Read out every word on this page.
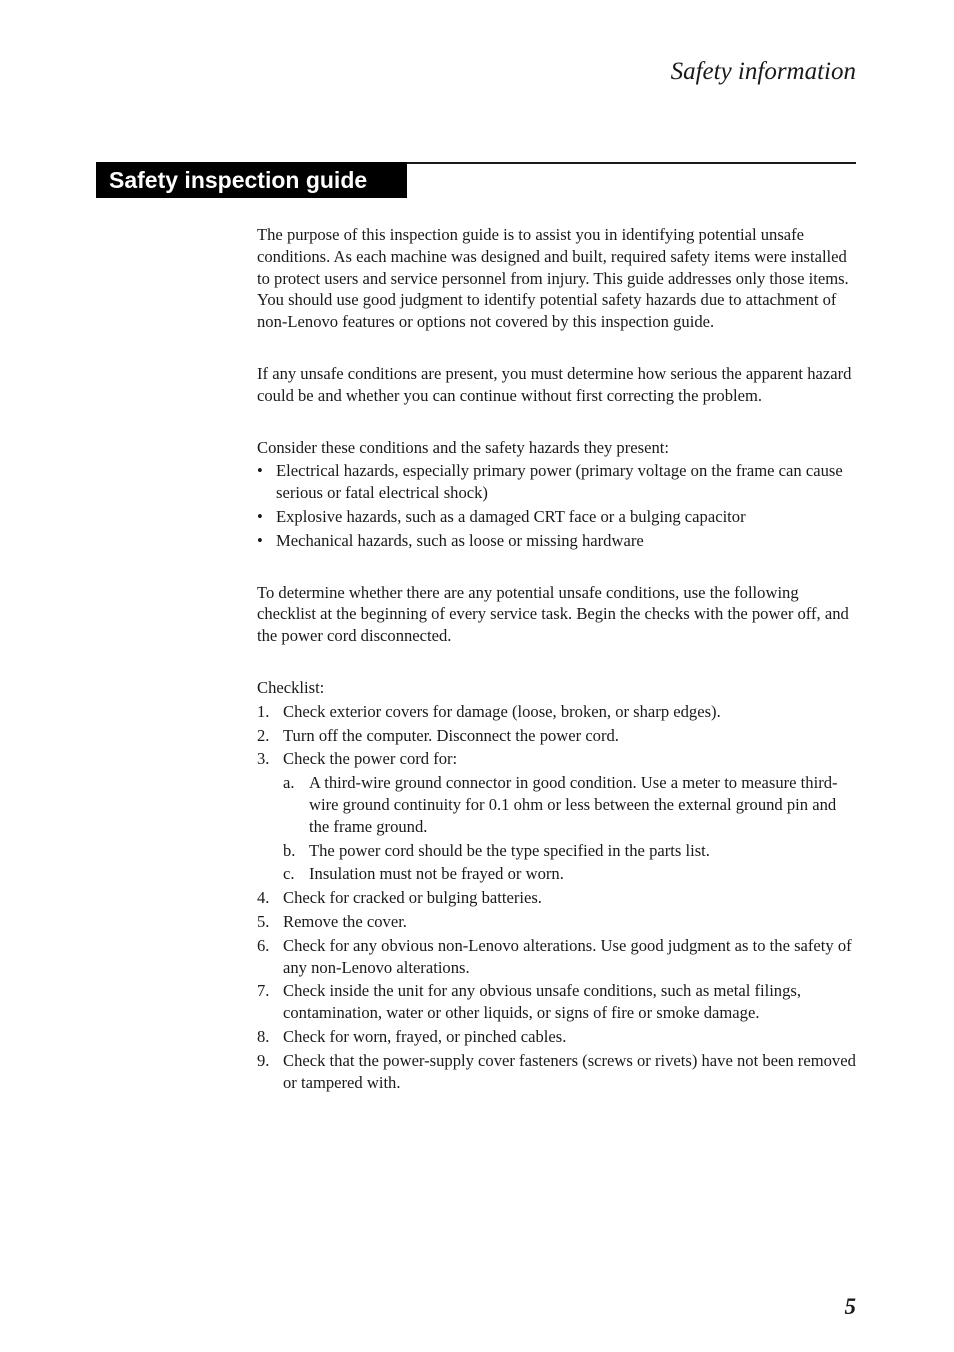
Safety information
Safety inspection guide

The purpose of this inspection guide is to assist you in identifying potential unsafe conditions. As each machine was designed and built, required safety items were installed to protect users and service personnel from injury. This guide addresses only those items. You should use good judgment to identify potential safety hazards due to attachment of non-Lenovo features or options not covered by this inspection guide.

If any unsafe conditions are present, you must determine how serious the apparent hazard could be and whether you can continue without first correcting the problem.

Consider these conditions and the safety hazards they present:

• Electrical hazards, especially primary power (primary voltage on the frame can cause serious or fatal electrical shock)
• Explosive hazards, such as a damaged CRT face or a bulging capacitor
• Mechanical hazards, such as loose or missing hardware

To determine whether there are any potential unsafe conditions, use the following checklist at the beginning of every service task. Begin the checks with the power off, and the power cord disconnected.

Checklist:

1. Check exterior covers for damage (loose, broken, or sharp edges).
2. Turn off the computer. Disconnect the power cord.
3. Check the power cord for:
a. A third-wire ground connector in good condition. Use a meter to measure third-wire ground continuity for 0.1 ohm or less between the external ground pin and the frame ground.
b. The power cord should be the type specified in the parts list.
c. Insulation must not be frayed or worn.
4. Check for cracked or bulging batteries.
5. Remove the cover.
6. Check for any obvious non-Lenovo alterations. Use good judgment as to the safety of any non-Lenovo alterations.
7. Check inside the unit for any obvious unsafe conditions, such as metal filings, contamination, water or other liquids, or signs of fire or smoke damage.
8. Check for worn, frayed, or pinched cables.
9. Check that the power-supply cover fasteners (screws or rivets) have not been removed or tampered with.
5
